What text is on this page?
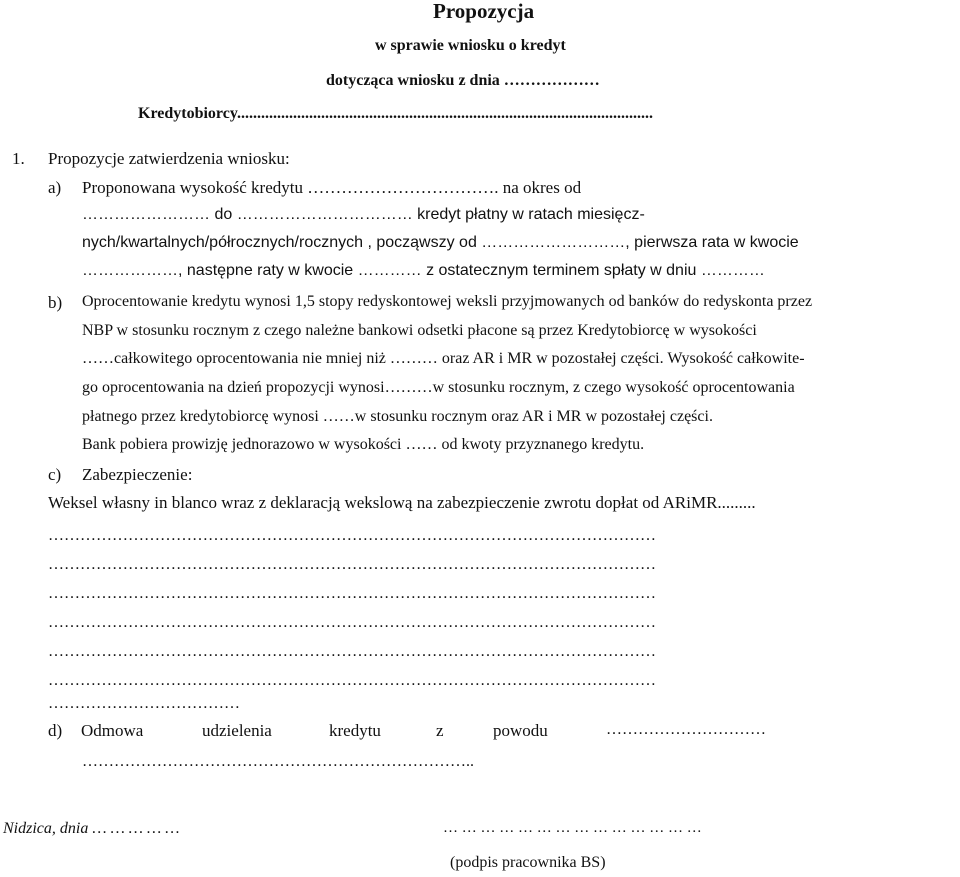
Propozycja
w sprawie wniosku o kredyt
dotycząca wniosku z dnia ………………
Kredytobiorcy........................................................................................................
1. Propozycje zatwierdzenia wniosku:
a) Proponowana wysokość kredytu ……………………………. na okres od
…………………… do …………………………… kredyt płatny w ratach miesięcz-
nych/kwartalnych/półrocznych/rocznych , począwszy od ………………………, pierwsza rata w kwocie
………………, następne raty w kwocie ………… z ostatecznym terminem spłaty w dniu …………
b) Oprocentowanie kredytu wynosi 1,5 stopy redyskontowej weksli przyjmowanych od banków do redyskonta przez
NBP w stosunku rocznym z czego należne bankowi odsetki płacone są przez Kredytobiorcę w wysokości
……całkowitego oprocentowania nie mniej niż ……… oraz AR i MR w pozostałej części. Wysokość całkowite-
go oprocentowania na dzień propozycji wynosi………w stosunku rocznym, z czego wysokość oprocentowania
płatnego przez kredytobiorcę wynosi ……w stosunku rocznym oraz AR i MR w pozostałej części.
Bank pobiera prowizję jednorazowo w wysokości …… od kwoty przyznanego kredytu.
c) Zabezpieczenie:
Weksel własny in blanco wraz z deklaracją wekslową na zabezpieczenie zwrotu dopłat od ARiMR.........
……………………………………………………………………………………………………
……………………………………………………………………………………………………
……………………………………………………………………………………………………
……………………………………………………………………………………………………
……………………………………………………………………………………………………
……………………………………………………………………………………………………
………………………………
d) Odmowa	udzielenia	kredytu	z	powodu	…………………………
………………………………………………………………..
Nidzica, dnia … … … … …	… … … … … … … … … … … … … …
(podpis pracownika BS)
